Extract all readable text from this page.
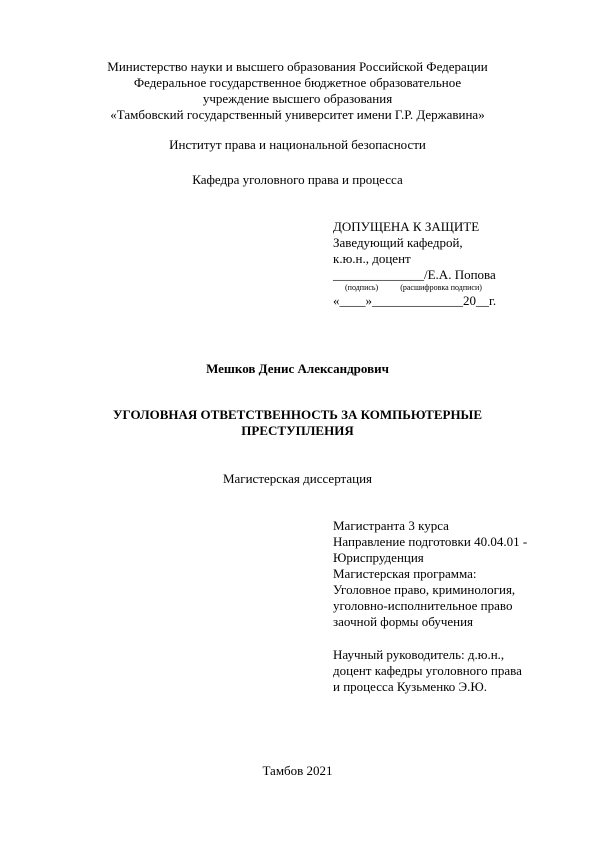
Министерство науки и высшего образования Российской Федерации
Федеральное государственное бюджетное образовательное
учреждение высшего образования
«Тамбовский государственный университет имени Г.Р. Державина»
Институт права и национальной безопасности
Кафедра уголовного права и процесса
ДОПУЩЕНА К ЗАЩИТЕ
Заведующий кафедрой,
к.ю.н., доцент
______________/Е.А. Попова
(подпись)	(расшифровка подписи)
«____»______________20__г.
Мешков Денис Александрович
УГОЛОВНАЯ ОТВЕТСТВЕННОСТЬ ЗА КОМПЬЮТЕРНЫЕ
ПРЕСТУПЛЕНИЯ
Магистерская диссертация
Магистранта 3 курса
Направление подготовки 40.04.01 -
Юриспруденция
Магистерская программа:
Уголовное право, криминология,
уголовно-исполнительное право
заочной формы обучения
Научный руководитель: д.ю.н.,
доцент кафедры уголовного права
и процесса Кузьменко Э.Ю.
Тамбов 2021
